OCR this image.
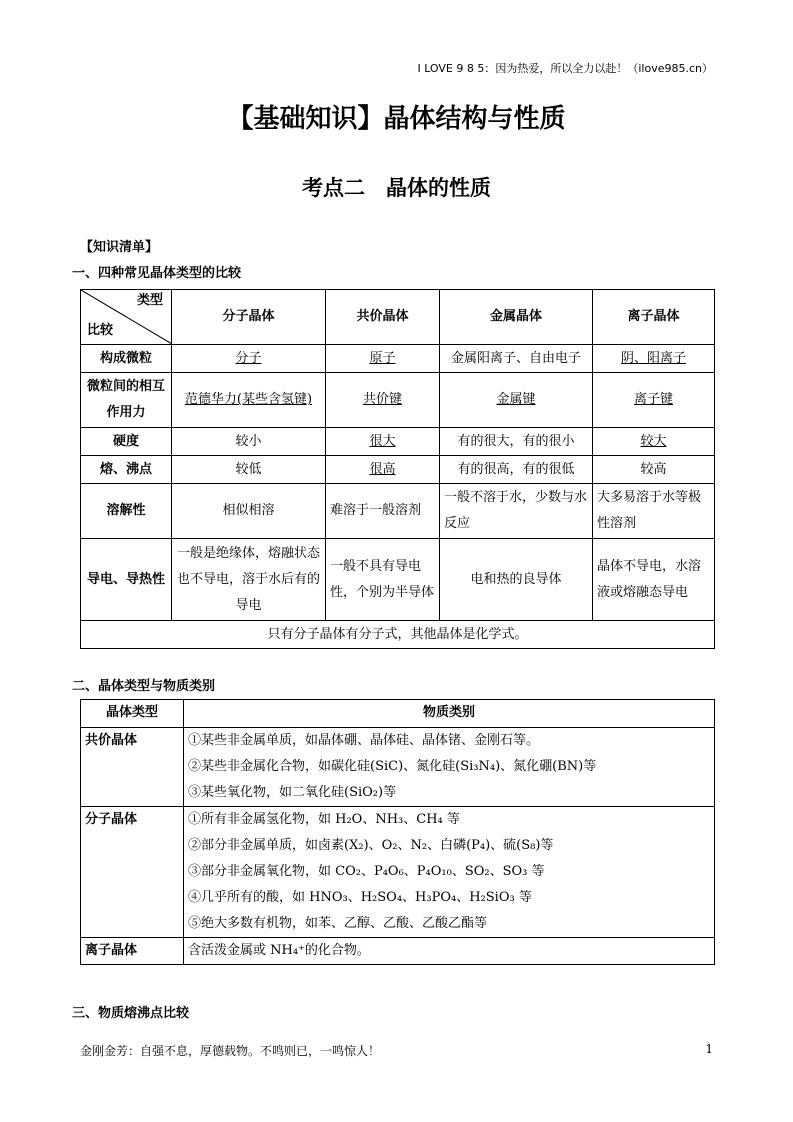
I LOVE 9 8 5：因为热爱，所以全力以赴！（ilove985.cn）
【基础知识】晶体结构与性质
考点二　晶体的性质
【知识清单】
一、四种常见晶体类型的比较
类型
比较	分子晶体	共价晶体	金属晶体	离子晶体
构成微粒	分子	原子	金属阳离子、自由电子	阴、阳离子
微粒间的相互作用力	范德华力(某些含氢键)	共价键	金属键	离子键
硬度	较小	很大	有的很大，有的很小	较大
熔、沸点	较低	很高	有的很高，有的很低	较高
溶解性	相似相溶	难溶于一般溶剂	一般不溶于水，少数与水反应	大多易溶于水等极性溶剂
导电、导热性	一般是绝缘体，熔融状态也不导电，溶于水后有的导电	一般不具有导电性，个别为半导体	电和热的良导体	晶体不导电，水溶液或熔融态导电
只有分子晶体有分子式，其他晶体是化学式。				
二、晶体类型与物质类别
晶体类型	物质类别
共价晶体	①某些非金属单质，如晶体硼、晶体硅、晶体锗、金刚石等。
②某些非金属化合物，如碳化硅(SiC)、氮化硅(Si₃N₄)、氮化硼(BN)等
③某些氧化物，如二氧化硅(SiO₂)等

分子晶体	①所有非金属氢化物，如 H₂O、NH₃、CH₄ 等
②部分非金属单质，如卤素(X₂)、O₂、N₂、白磷(P₄)、硫(S₈)等
③部分非金属氧化物，如 CO₂、P₄O₆、P₄O₁₀、SO₂、SO₃ 等
④几乎所有的酸，如 HNO₃、H₂SO₄、H₃PO₄、H₂SiO₃ 等
⑤绝大多数有机物，如苯、乙醇、乙酸、乙酸乙酯等

离子晶体	含活泼金属或 NH₄⁺的化合物。
三、物质熔沸点比较
金刚金芳：自强不息，厚德载物。不鸣则已，一鸣惊人！	1
